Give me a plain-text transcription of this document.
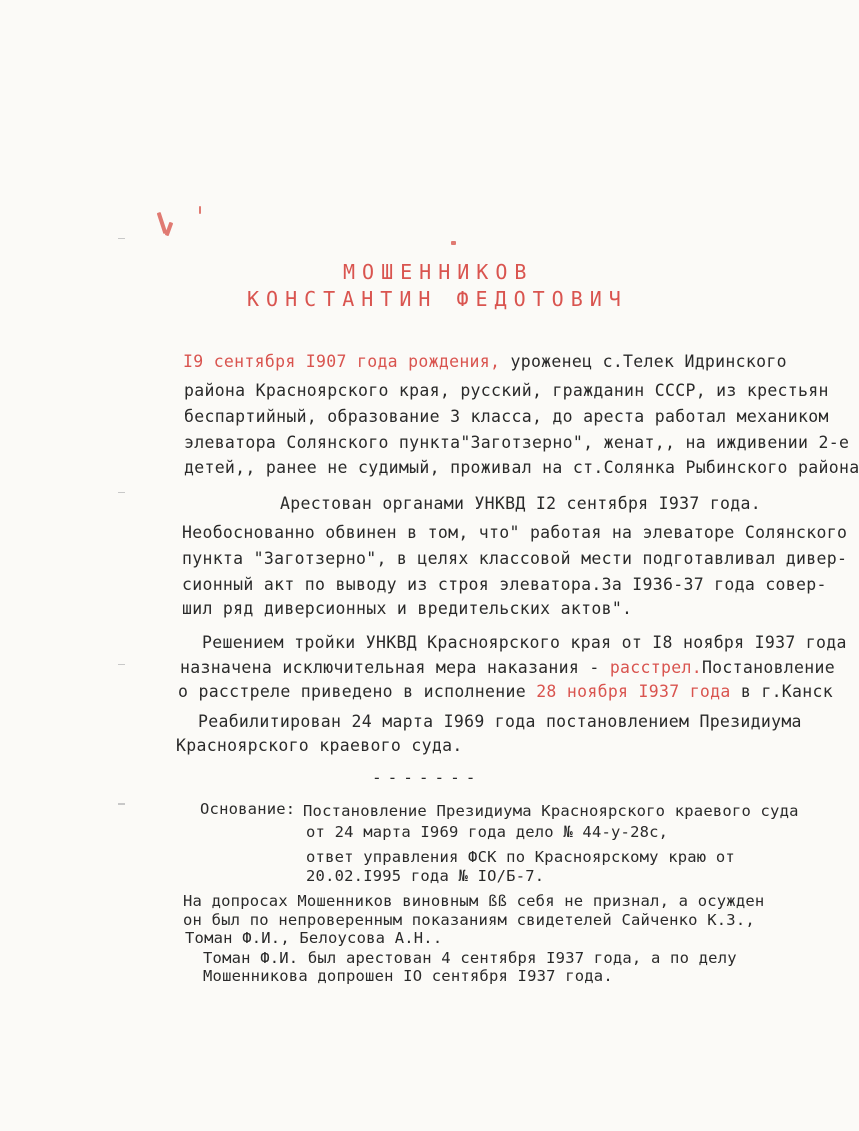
МОШЕННИКОВ
КОНСТАНТИН ФЕДОТОВИЧ
I9 сентября I907 года рождения, уроженец с.Телек Идринского
района Красноярского края, русский, гражданин СССР, из крестьян
беспартийный, образование 3 класса, до ареста работал механиком
элеватора Солянского пункта"Заготзерно", женат,, на иждивении 2-е
детей,, ранее не судимый, проживал на ст.Солянка Рыбинского района
Арестован органами УНКВД I2 сентября I937 года.
Необоснованно обвинен в том, что" работая на элеваторе Солянского
пункта "Заготзерно", в целях классовой мести подготавливал дивер-
сионный акт по выводу из строя элеватора.За I936-37 года совер-
шил ряд диверсионных и вредительских актов".
Решением тройки УНКВД Красноярского края от I8 ноября I937 года
назначена исключительная мера наказания - расстрел.Постановление
о расстреле приведено в исполнение 28 ноября I937 года в г.Канск
Реабилитирован 24 марта I969 года постановлением Президиума
Красноярского краевого суда.
-------
Основание: Постановление Президиума Красноярского краевого суда
от 24 марта I969 года дело № 44-у-28с,
ответ управления ФСК по Красноярскому краю от
20.02.I995 года № IO/Б-7.
На допросах Мошенников виновным ßß себя не признал, а осужден
он был по непроверенным показаниям свидетелей Сайченко К.З.,
Томан Ф.И., Белоусова А.Н..
Томан Ф.И. был арестован 4 сентября I937 года, а по делу
Мошенникова допрошен IO сентября I937 года.
